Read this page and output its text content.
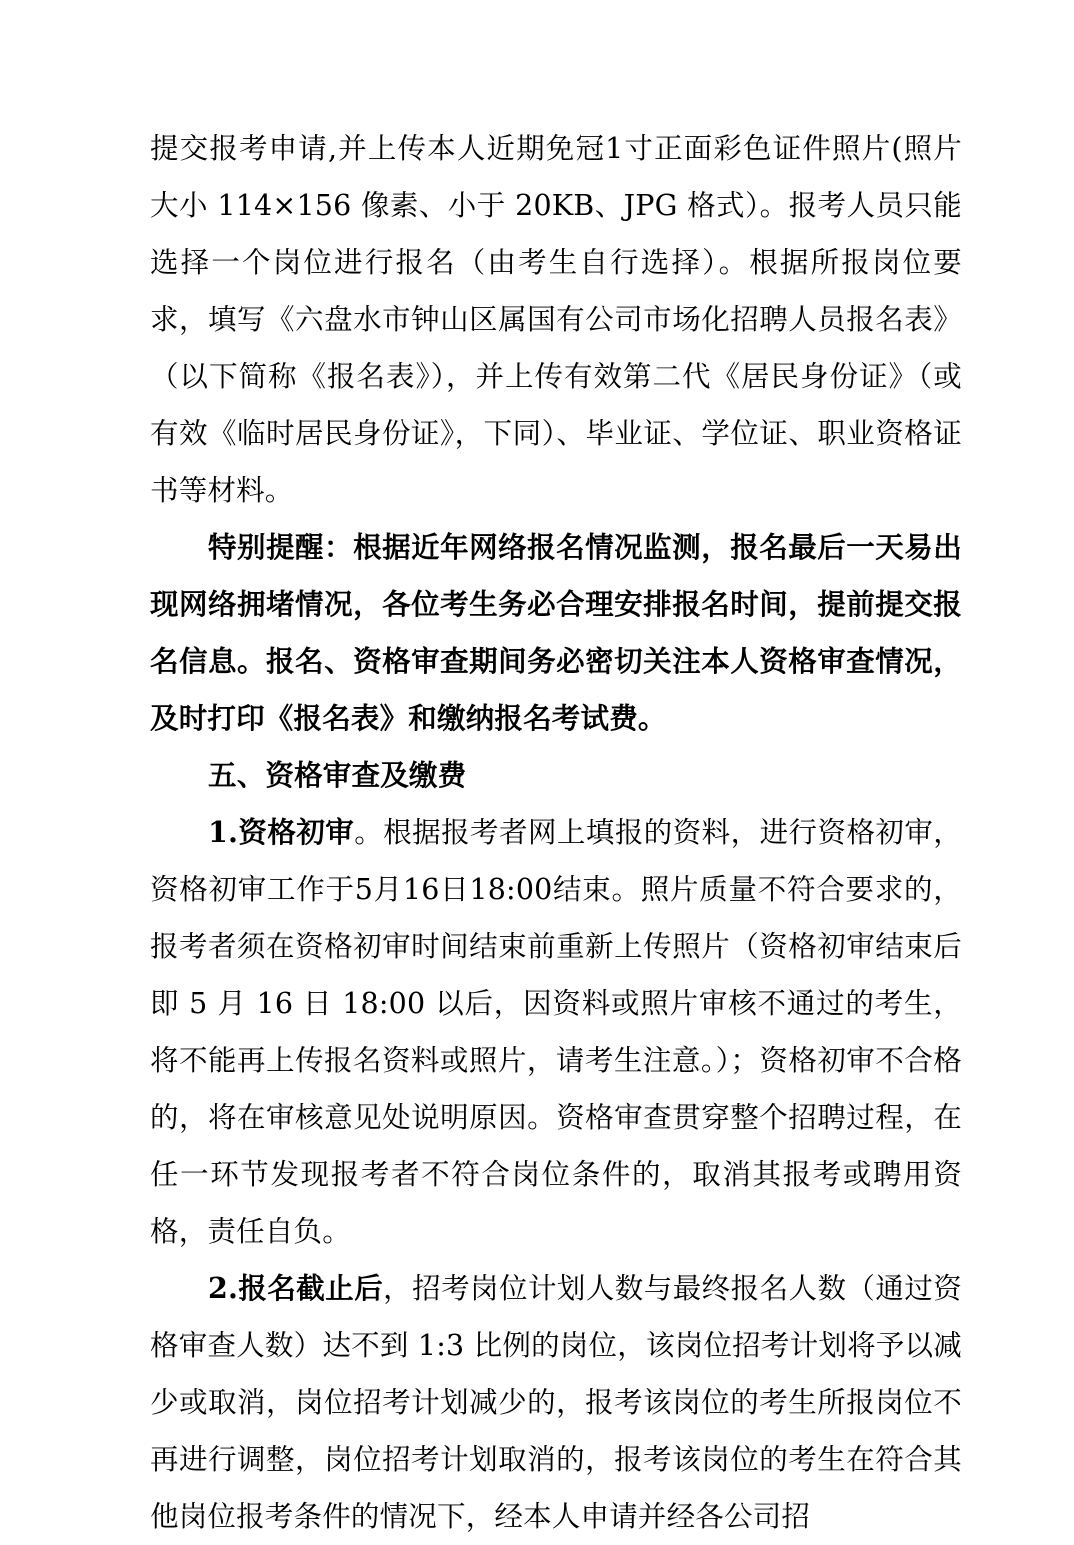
提交报考申请,并上传本人近期免冠1寸正面彩色证件照片(照片大小 114×156 像素、小于 20KB、JPG 格式）。报考人员只能选择一个岗位进行报名（由考生自行选择）。根据所报岗位要求，填写《六盘水市钟山区属国有公司市场化招聘人员报名表》（以下简称《报名表》），并上传有效第二代《居民身份证》（或有效《临时居民身份证》，下同）、毕业证、学位证、职业资格证书等材料。

特别提醒：根据近年网络报名情况监测，报名最后一天易出现网络拥堵情况，各位考生务必合理安排报名时间，提前提交报名信息。报名、资格审查期间务必密切关注本人资格审查情况，及时打印《报名表》和缴纳报名考试费。

五、资格审查及缴费

1.资格初审。根据报考者网上填报的资料，进行资格初审，资格初审工作于5月16日18:00结束。照片质量不符合要求的，报考者须在资格初审时间结束前重新上传照片（资格初审结束后即 5 月 16 日 18:00 以后，因资料或照片审核不通过的考生，将不能再上传报名资料或照片，请考生注意。）；资格初审不合格的，将在审核意见处说明原因。资格审查贯穿整个招聘过程，在任一环节发现报考者不符合岗位条件的，取消其报考或聘用资格，责任自负。

2.报名截止后，招考岗位计划人数与最终报名人数（通过资格审查人数）达不到 1:3 比例的岗位，该岗位招考计划将予以减少或取消，岗位招考计划减少的，报考该岗位的考生所报岗位不再进行调整，岗位招考计划取消的，报考该岗位的考生在符合其他岗位报考条件的情况下，经本人申请并经各公司招
